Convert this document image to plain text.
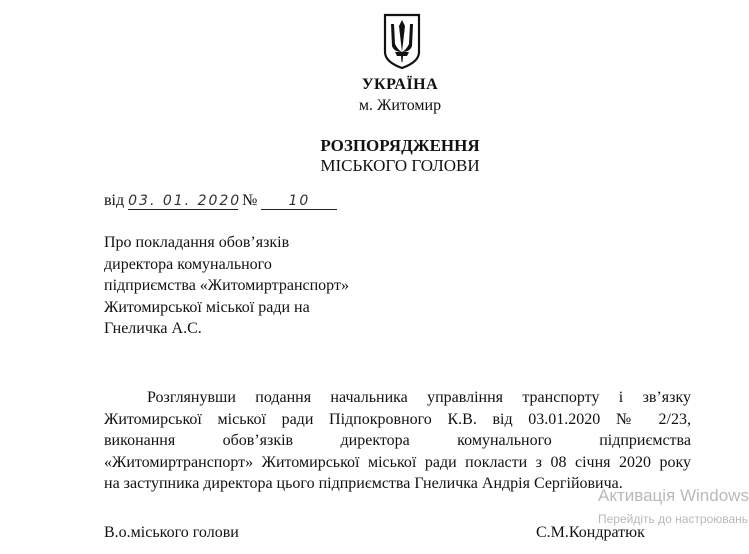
УКРАЇНА
м. Житомир
РОЗПОРЯДЖЕННЯ
МІСЬКОГО ГОЛОВИ
від 03. 01. 2020 № 10
Про покладання обов’язків
директора комунального
підприємства «Житомиртранспорт»
Житомирської міської ради на
Гнеличка А.С.
Розглянувши подання начальника управління транспорту і зв’язку
Житомирської міської ради Підпокровного К.В. від 03.01.2020 № 2/23,
виконання обов’язків директора комунального підприємства
«Житомиртранспорт» Житомирської міської ради покласти з 08 січня 2020 року
на заступника директора цього підприємства Гнеличка Андрія Сергійовича.
Активація Windows
Перейдіть до настроювань
В.о.міського голови	С.М.Кондратюк
